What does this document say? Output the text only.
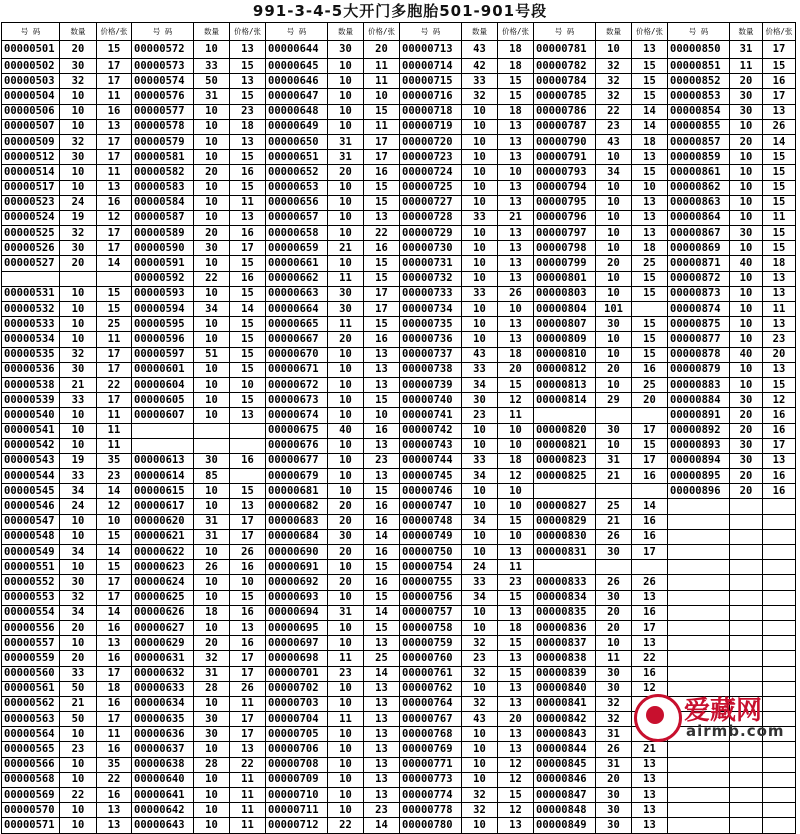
991-3-4-5大开门多胞胎501-901号段
号 码	数量	价格/张	号 码	数量	价格/张	号 码	数量	价格/张	号 码	数量	价格/张	号 码	数量	价格/张	号 码	数量	价格/张
00000501	20	15	00000572	10	13	00000644	30	20	00000713	43	18	00000781	10	13	00000850	31	17
00000502	30	17	00000573	33	15	00000645	10	11	00000714	42	18	00000782	32	15	00000851	11	15
00000503	32	17	00000574	50	13	00000646	10	11	00000715	33	15	00000784	32	15	00000852	20	16
00000504	10	11	00000576	31	15	00000647	10	10	00000716	32	15	00000785	32	15	00000853	30	17
00000506	10	16	00000577	10	23	00000648	10	15	00000718	10	18	00000786	22	14	00000854	30	13
00000507	10	13	00000578	10	18	00000649	10	11	00000719	10	13	00000787	23	14	00000855	10	26
00000509	32	17	00000579	10	13	00000650	31	17	00000720	10	13	00000790	43	18	00000857	20	14
00000512	30	17	00000581	10	15	00000651	31	17	00000723	10	13	00000791	10	13	00000859	10	15
00000514	10	11	00000582	20	16	00000652	20	16	00000724	10	10	00000793	34	15	00000861	10	15
00000517	10	13	00000583	10	15	00000653	10	15	00000725	10	13	00000794	10	10	00000862	10	15
00000523	24	16	00000584	10	11	00000656	10	15	00000727	10	13	00000795	10	13	00000863	10	15
00000524	19	12	00000587	10	13	00000657	10	13	00000728	33	21	00000796	10	13	00000864	10	11
00000525	32	17	00000589	20	16	00000658	10	22	00000729	10	13	00000797	10	13	00000867	30	15
00000526	30	17	00000590	30	17	00000659	21	16	00000730	10	13	00000798	10	18	00000869	10	15
00000527	20	14	00000591	10	15	00000661	10	15	00000731	10	13	00000799	20	25	00000871	40	18
			00000592	22	16	00000662	11	15	00000732	10	13	00000801	10	15	00000872	10	13
00000531	10	15	00000593	10	15	00000663	30	17	00000733	33	26	00000803	10	15	00000873	10	13
00000532	10	15	00000594	34	14	00000664	30	17	00000734	10	10	00000804	101		00000874	10	11
00000533	10	25	00000595	10	15	00000665	11	15	00000735	10	13	00000807	30	15	00000875	10	13
00000534	10	11	00000596	10	15	00000667	20	16	00000736	10	13	00000809	10	15	00000877	10	23
00000535	32	17	00000597	51	15	00000670	10	13	00000737	43	18	00000810	10	15	00000878	40	20
00000536	30	17	00000601	10	15	00000671	10	13	00000738	33	20	00000812	20	16	00000879	10	13
00000538	21	22	00000604	10	10	00000672	10	13	00000739	34	15	00000813	10	25	00000883	10	15
00000539	33	17	00000605	10	15	00000673	10	15	00000740	30	12	00000814	29	20	00000884	30	12
00000540	10	11	00000607	10	13	00000674	10	10	00000741	23	11				00000891	20	16
00000541	10	11				00000675	40	16	00000742	10	10	00000820	30	17	00000892	20	16
00000542	10	11				00000676	10	13	00000743	10	10	00000821	10	15	00000893	30	17
00000543	19	35	00000613	30	16	00000677	10	23	00000744	33	18	00000823	31	17	00000894	30	13
00000544	33	23	00000614	85		00000679	10	13	00000745	34	12	00000825	21	16	00000895	20	16
00000545	34	14	00000615	10	15	00000681	10	15	00000746	10	10				00000896	20	16
00000546	24	12	00000617	10	13	00000682	20	16	00000747	10	10	00000827	25	14			
00000547	10	10	00000620	31	17	00000683	20	16	00000748	34	15	00000829	21	16			
00000548	10	15	00000621	31	17	00000684	30	14	00000749	10	10	00000830	26	16			
00000549	34	14	00000622	10	26	00000690	20	16	00000750	10	13	00000831	30	17			
00000551	10	15	00000623	26	16	00000691	10	15	00000754	24	11						
00000552	30	17	00000624	10	10	00000692	20	16	00000755	33	23	00000833	26	26			
00000553	32	17	00000625	10	15	00000693	10	15	00000756	34	15	00000834	30	13			
00000554	34	14	00000626	18	16	00000694	31	14	00000757	10	13	00000835	20	16			
00000556	20	16	00000627	10	13	00000695	10	15	00000758	10	18	00000836	20	17			
00000557	10	13	00000629	20	16	00000697	10	13	00000759	32	15	00000837	10	13			
00000559	20	16	00000631	32	17	00000698	11	25	00000760	23	13	00000838	11	22			
00000560	33	17	00000632	31	17	00000701	23	14	00000761	32	15	00000839	30	16			
00000561	50	18	00000633	28	26	00000702	10	13	00000762	10	13	00000840	30	12			
00000562	21	16	00000634	10	11	00000703	10	13	00000764	32	13	00000841	32				
00000563	50	17	00000635	30	17	00000704	11	13	00000767	43	20	00000842	32				
00000564	10	11	00000636	30	17	00000705	10	13	00000768	10	13	00000843	31				
00000565	23	16	00000637	10	13	00000706	10	13	00000769	10	13	00000844	26	21			
00000566	10	35	00000638	28	22	00000708	10	13	00000771	10	12	00000845	31	13			
00000568	10	22	00000640	10	11	00000709	10	13	00000773	10	12	00000846	20	13			
00000569	22	16	00000641	10	11	00000710	10	13	00000774	32	15	00000847	30	13			
00000570	10	13	00000642	10	11	00000711	10	23	00000778	32	12	00000848	30	13			
00000571	10	13	00000643	10	11	00000712	22	14	00000780	10	13	00000849	30	13			
爱藏网
airmb.com
